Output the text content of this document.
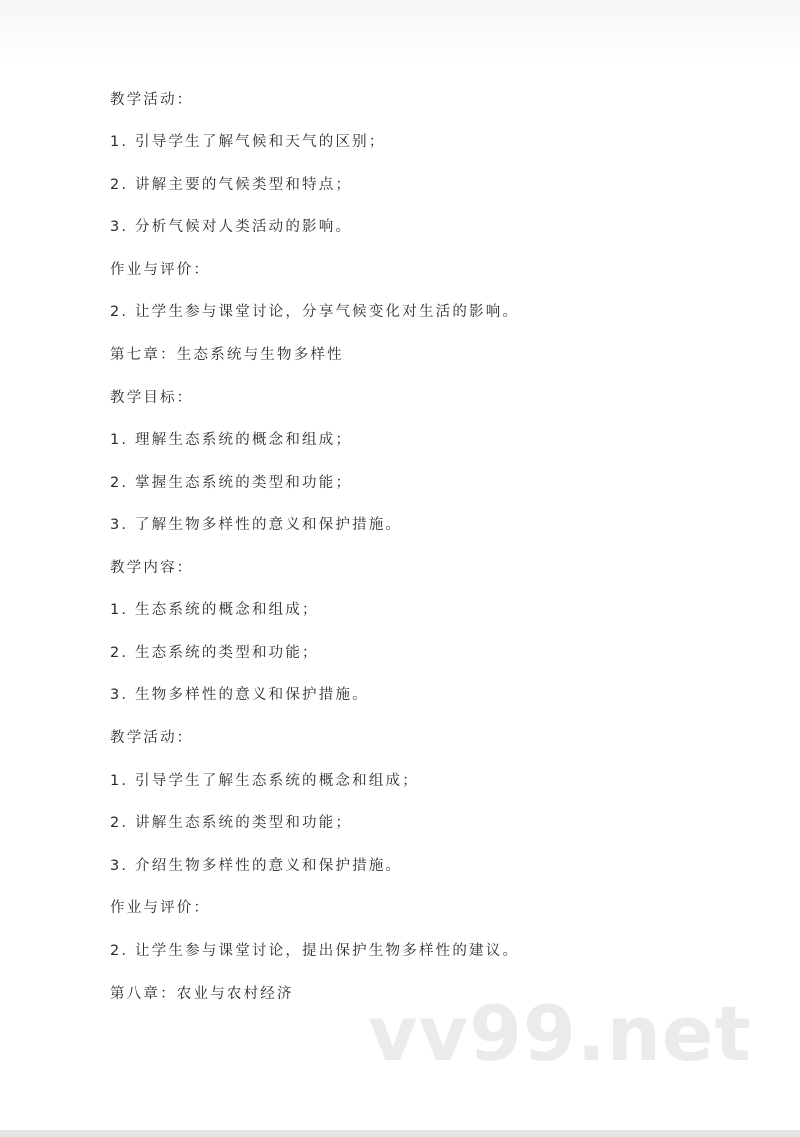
教学活动：
1. 引导学生了解气候和天气的区别；
2. 讲解主要的气候类型和特点；
3. 分析气候对人类活动的影响。
作业与评价：
2. 让学生参与课堂讨论，分享气候变化对生活的影响。
第七章：生态系统与生物多样性
教学目标：
1. 理解生态系统的概念和组成；
2. 掌握生态系统的类型和功能；
3. 了解生物多样性的意义和保护措施。
教学内容：
1. 生态系统的概念和组成；
2. 生态系统的类型和功能；
3. 生物多样性的意义和保护措施。
教学活动：
1. 引导学生了解生态系统的概念和组成；
2. 讲解生态系统的类型和功能；
3. 介绍生物多样性的意义和保护措施。
作业与评价：
2. 让学生参与课堂讨论，提出保护生物多样性的建议。
第八章：农业与农村经济 vv99.net
